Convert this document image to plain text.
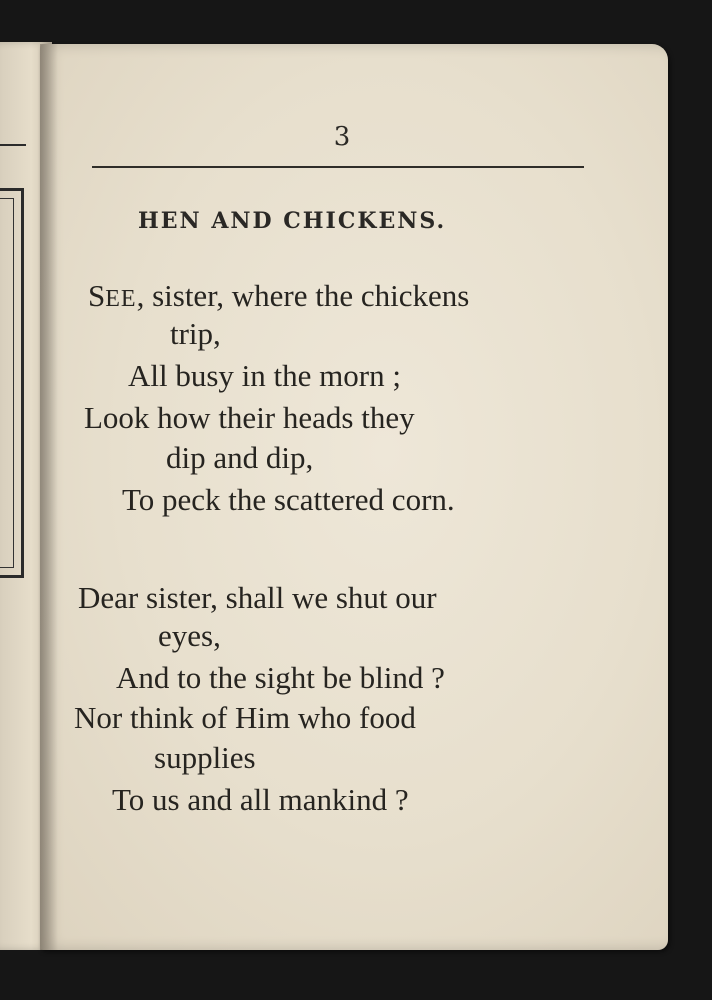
3
HEN AND CHICKENS.
SEE, sister, where the chickens
trip,
All busy in the morn ;
Look how their heads they
dip and dip,
To peck the scattered corn.
Dear sister, shall we shut our
eyes,
And to the sight be blind ?
Nor think of Him who food
supplies
To us and all mankind ?
